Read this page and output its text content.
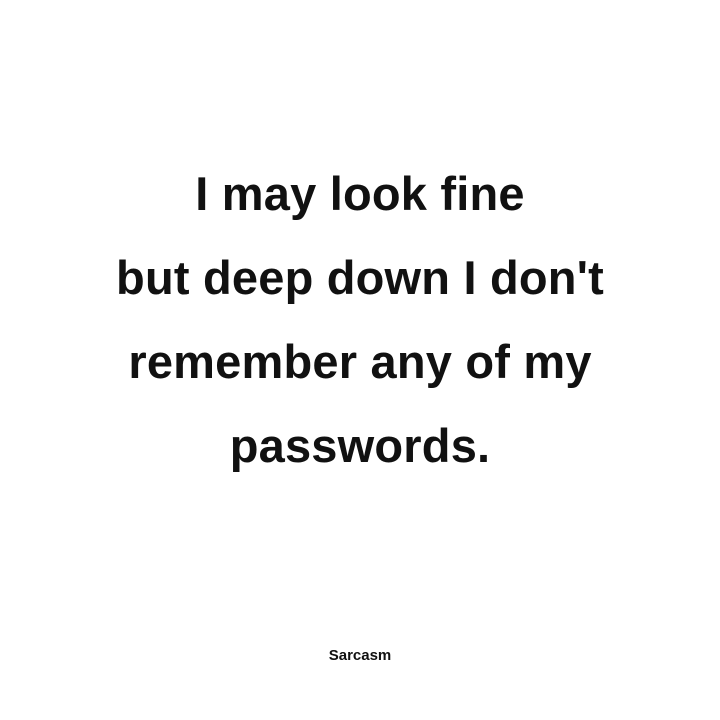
I may look fine
but deep down I don't
remember any of my
passwords.
Sarcasm
